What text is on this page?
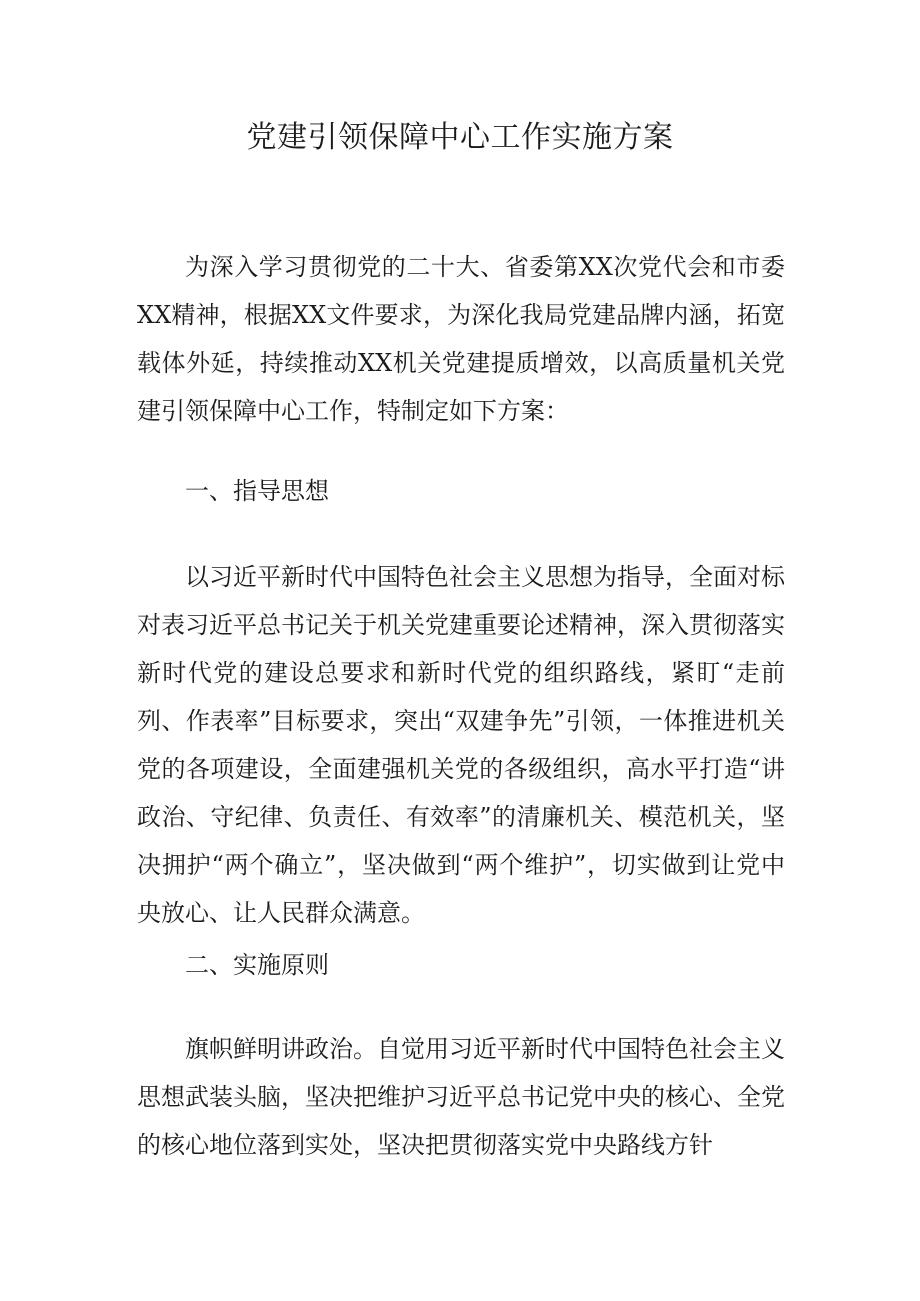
党建引领保障中心工作实施方案

为深入学习贯彻党的二十大、省委第XX次党代会和市委XX精神，根据XX文件要求，为深化我局党建品牌内涵，拓宽载体外延，持续推动XX机关党建提质增效，以高质量机关党建引领保障中心工作，特制定如下方案：

一、指导思想

以习近平新时代中国特色社会主义思想为指导，全面对标对表习近平总书记关于机关党建重要论述精神，深入贯彻落实新时代党的建设总要求和新时代党的组织路线，紧盯“走前列、作表率”目标要求，突出“双建争先”引领，一体推进机关党的各项建设，全面建强机关党的各级组织，高水平打造“讲政治、守纪律、负责任、有效率”的清廉机关、模范机关，坚决拥护“两个确立”，坚决做到“两个维护”，切实做到让党中央放心、让人民群众满意。

二、实施原则

旗帜鲜明讲政治。自觉用习近平新时代中国特色社会主义思想武装头脑，坚决把维护习近平总书记党中央的核心、全党的核心地位落到实处，坚决把贯彻落实党中央路线方针
